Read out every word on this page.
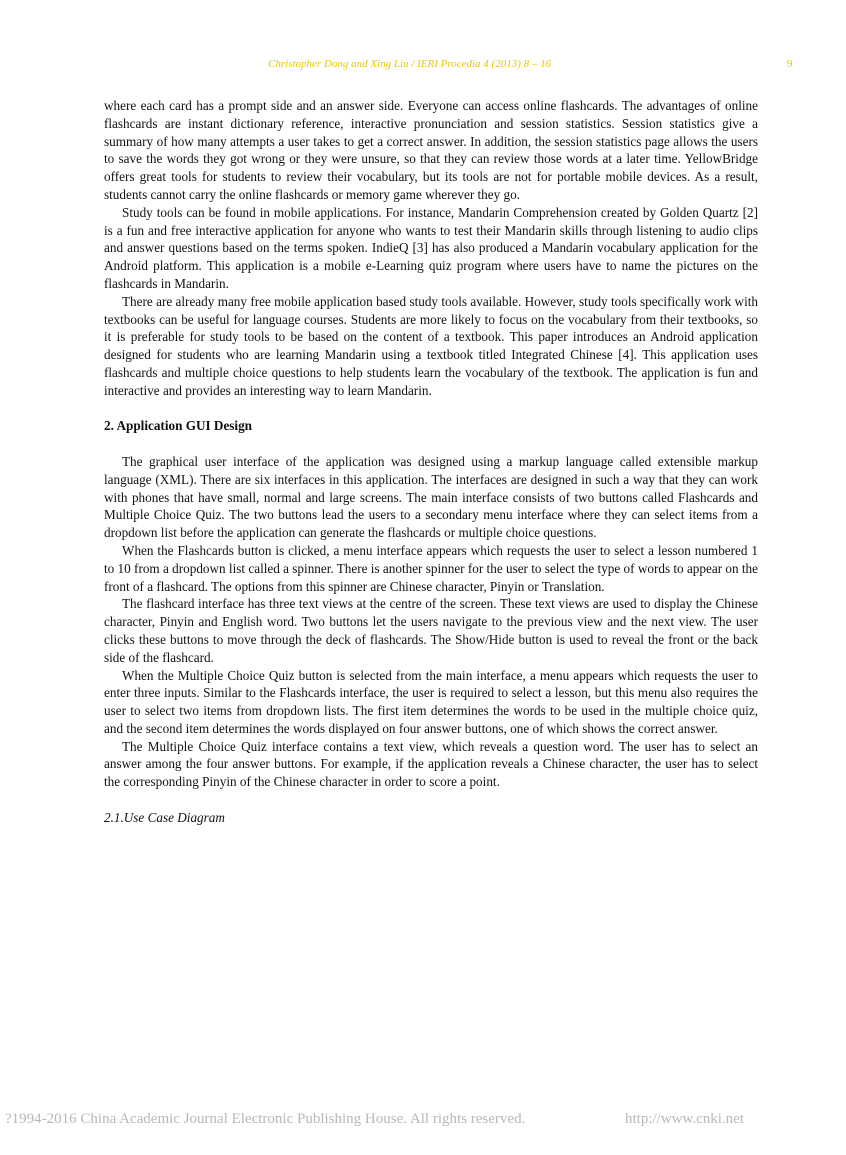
Christopher Dong and Xing Liu / IERI Procedia 4 (2013) 8 – 16	9

where each card has a prompt side and an answer side. Everyone can access online flashcards. The advantages of online flashcards are instant dictionary reference, interactive pronunciation and session statistics. Session statistics give a summary of how many attempts a user takes to get a correct answer. In addition, the session statistics page allows the users to save the words they got wrong or they were unsure, so that they can review those words at a later time. YellowBridge offers great tools for students to review their vocabulary, but its tools are not for portable mobile devices. As a result, students cannot carry the online flashcards or memory game wherever they go.

Study tools can be found in mobile applications. For instance, Mandarin Comprehension created by Golden Quartz [2] is a fun and free interactive application for anyone who wants to test their Mandarin skills through listening to audio clips and answer questions based on the terms spoken. IndieQ [3] has also produced a Mandarin vocabulary application for the Android platform. This application is a mobile e-Learning quiz program where users have to name the pictures on the flashcards in Mandarin.

There are already many free mobile application based study tools available. However, study tools specifically work with textbooks can be useful for language courses. Students are more likely to focus on the vocabulary from their textbooks, so it is preferable for study tools to be based on the content of a textbook. This paper introduces an Android application designed for students who are learning Mandarin using a textbook titled Integrated Chinese [4]. This application uses flashcards and multiple choice questions to help students learn the vocabulary of the textbook. The application is fun and interactive and provides an interesting way to learn Mandarin.

2. Application GUI Design

The graphical user interface of the application was designed using a markup language called extensible markup language (XML). There are six interfaces in this application. The interfaces are designed in such a way that they can work with phones that have small, normal and large screens. The main interface consists of two buttons called Flashcards and Multiple Choice Quiz. The two buttons lead the users to a secondary menu interface where they can select items from a dropdown list before the application can generate the flashcards or multiple choice questions.

When the Flashcards button is clicked, a menu interface appears which requests the user to select a lesson numbered 1 to 10 from a dropdown list called a spinner. There is another spinner for the user to select the type of words to appear on the front of a flashcard. The options from this spinner are Chinese character, Pinyin or Translation.

The flashcard interface has three text views at the centre of the screen. These text views are used to display the Chinese character, Pinyin and English word. Two buttons let the users navigate to the previous view and the next view. The user clicks these buttons to move through the deck of flashcards. The Show/Hide button is used to reveal the front or the back side of the flashcard.

When the Multiple Choice Quiz button is selected from the main interface, a menu appears which requests the user to enter three inputs. Similar to the Flashcards interface, the user is required to select a lesson, but this menu also requires the user to select two items from dropdown lists. The first item determines the words to be used in the multiple choice quiz, and the second item determines the words displayed on four answer buttons, one of which shows the correct answer.

The Multiple Choice Quiz interface contains a text view, which reveals a question word. The user has to select an answer among the four answer buttons. For example, if the application reveals a Chinese character, the user has to select the corresponding Pinyin of the Chinese character in order to score a point.

2.1.Use Case Diagram
?1994-2016 China Academic Journal Electronic Publishing House. All rights reserved.	http://www.cnki.net
